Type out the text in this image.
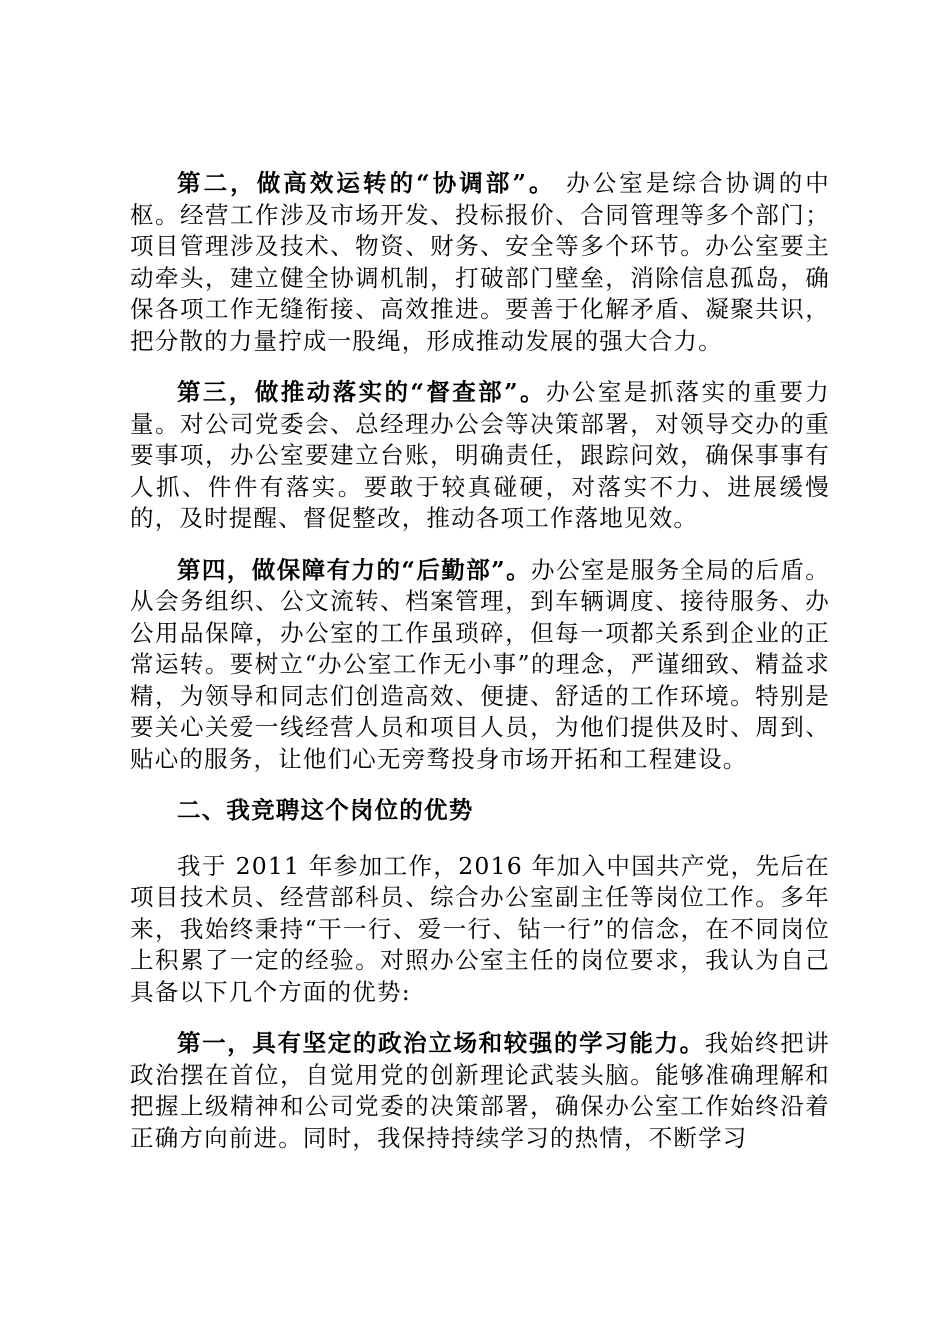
第二，做高效运转的“协调部”。 办公室是综合协调的中枢。经营工作涉及市场开发、投标报价、合同管理等多个部门；项目管理涉及技术、物资、财务、安全等多个环节。办公室要主动牵头，建立健全协调机制，打破部门壁垒，消除信息孤岛，确保各项工作无缝衔接、高效推进。要善于化解矛盾、凝聚共识，把分散的力量拧成一股绳，形成推动发展的强大合力。

第三，做推动落实的“督查部”。办公室是抓落实的重要力量。对公司党委会、总经理办公会等决策部署，对领导交办的重要事项，办公室要建立台账，明确责任，跟踪问效，确保事事有人抓、件件有落实。要敢于较真碰硬，对落实不力、进展缓慢的，及时提醒、督促整改，推动各项工作落地见效。

第四，做保障有力的“后勤部”。办公室是服务全局的后盾。从会务组织、公文流转、档案管理，到车辆调度、接待服务、办公用品保障，办公室的工作虽琐碎，但每一项都关系到企业的正常运转。要树立“办公室工作无小事”的理念，严谨细致、精益求精，为领导和同志们创造高效、便捷、舒适的工作环境。特别是要关心关爱一线经营人员和项目人员，为他们提供及时、周到、贴心的服务，让他们心无旁骛投身市场开拓和工程建设。

二、我竞聘这个岗位的优势

我于 2011 年参加工作，2016 年加入中国共产党，先后在项目技术员、经营部科员、综合办公室副主任等岗位工作。多年来，我始终秉持“干一行、爱一行、钻一行”的信念，在不同岗位上积累了一定的经验。对照办公室主任的岗位要求，我认为自己具备以下几个方面的优势:

第一，具有坚定的政治立场和较强的学习能力。我始终把讲政治摆在首位，自觉用党的创新理论武装头脑。能够准确理解和把握上级精神和公司党委的决策部署，确保办公室工作始终沿着正确方向前进。同时，我保持持续学习的热情，不断学习
